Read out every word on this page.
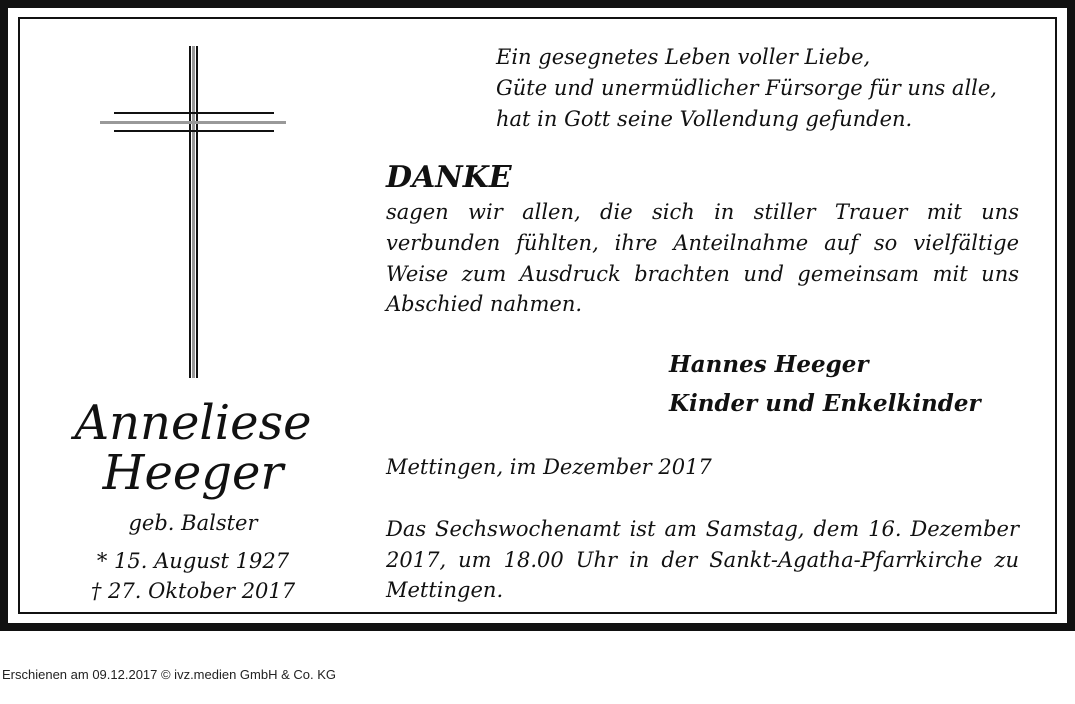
Anneliese

Heeger

geb. Balster

* 15. August 1927

† 27. Oktober 2017

Ein gesegnetes Leben voller Liebe,

Güte und unermüdlicher Fürsorge für uns alle,

hat in Gott seine Vollendung gefunden.

DANKE

sagen wir allen, die sich in stiller Trauer mit uns

verbunden fühlten, ihre Anteilnahme auf so vielfältige

Weise zum Ausdruck brachten und gemeinsam mit uns

Abschied nahmen.

Hannes Heeger

Kinder und Enkelkinder

Mettingen, im Dezember 2017

Das Sechswochenamt ist am Samstag, dem 16. Dezember

2017, um 18.00 Uhr in der Sankt-Agatha-Pfarrkirche zu

Mettingen.

Erschienen am 09.12.2017 © ivz.medien GmbH & Co. KG
